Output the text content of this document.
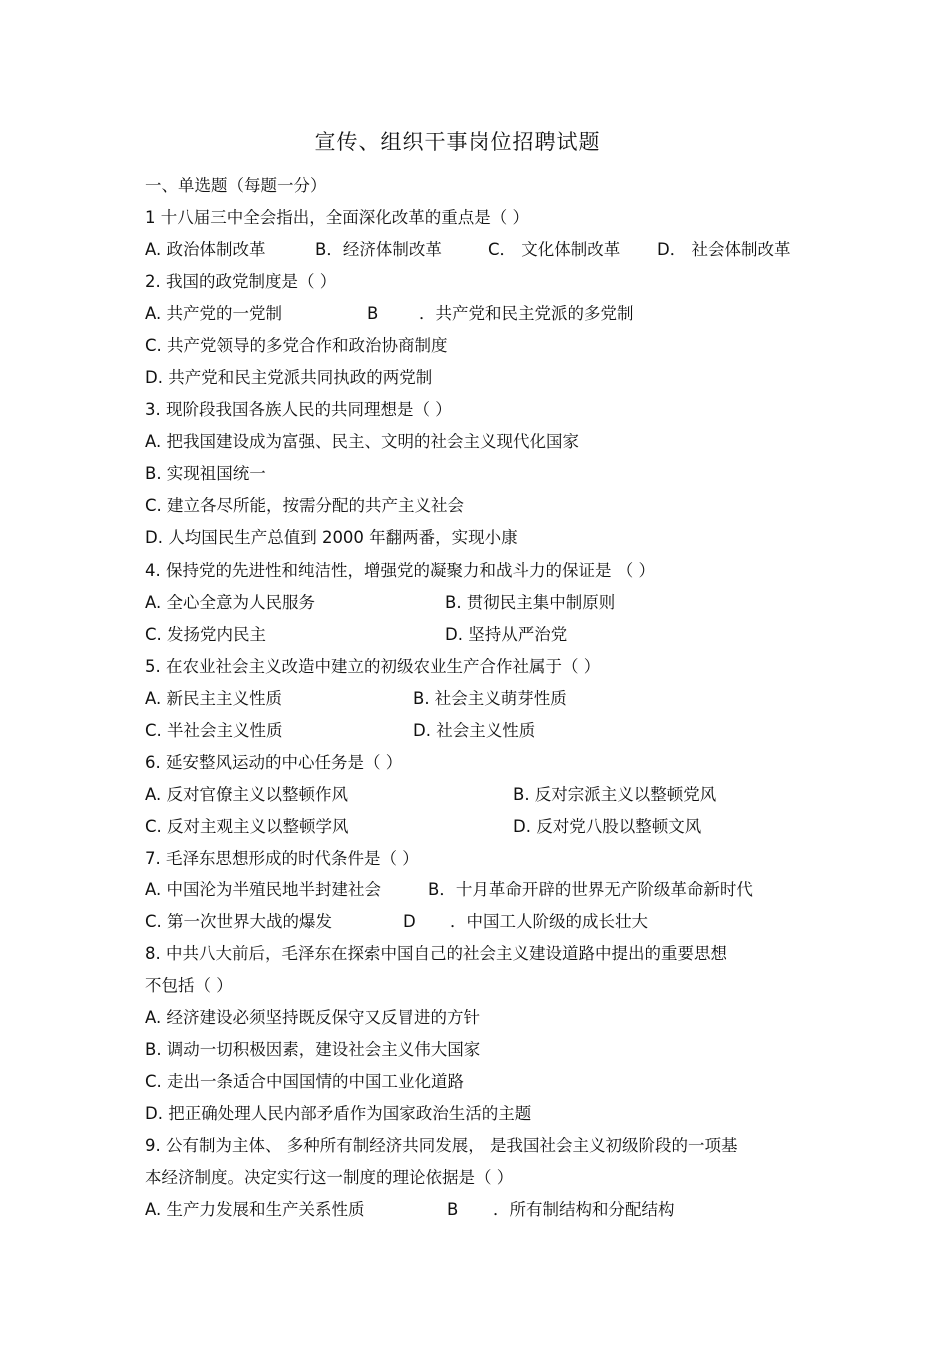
宣传、组织干事岗位招聘试题
一、单选题（每题一分）
1 十八届三中全会指出，全面深化改革的重点是（ ）
A. 政治体制改革	B．经济体制改革	C． 文化体制改革 D． 社会体制改革
2. 我国的政党制度是（ ）
A. 共产党的一党制	B ．共产党和民主党派的多党制
C. 共产党领导的多党合作和政治协商制度
D. 共产党和民主党派共同执政的两党制
3. 现阶段我国各族人民的共同理想是（ ）
A. 把我国建设成为富强、民主、文明的社会主义现代化国家
B. 实现祖国统一
C. 建立各尽所能，按需分配的共产主义社会
D. 人均国民生产总值到 2000 年翻两番，实现小康
4. 保持党的先进性和纯洁性，增强党的凝聚力和战斗力的保证是 （ ）
A. 全心全意为人民服务	B. 贯彻民主集中制原则
C. 发扬党内民主	D. 坚持从严治党
5. 在农业社会主义改造中建立的初级农业生产合作社属于（ ）
A. 新民主主义性质	B. 社会主义萌芽性质
C. 半社会主义性质	D. 社会主义性质
6. 延安整风运动的中心任务是（ ）
A. 反对官僚主义以整顿作风	B. 反对宗派主义以整顿党风
C. 反对主观主义以整顿学风	D. 反对党八股以整顿文风
7. 毛泽东思想形成的时代条件是（ ）
A. 中国沦为半殖民地半封建社会	B．十月革命开辟的世界无产阶级革命新时代
C. 第一次世界大战的爆发	D ．中国工人阶级的成长壮大
8. 中共八大前后，毛泽东在探索中国自己的社会主义建设道路中提出的重要思想
不包括（ ）
A. 经济建设必须坚持既反保守又反冒进的方针
B. 调动一切积极因素，建设社会主义伟大国家
C. 走出一条适合中国国情的中国工业化道路
D. 把正确处理人民内部矛盾作为国家政治生活的主题
9. 公有制为主体、 多种所有制经济共同发展， 是我国社会主义初级阶段的一项基
本经济制度。决定实行这一制度的理论依据是（ ）
A. 生产力发展和生产关系性质	B ．所有制结构和分配结构
